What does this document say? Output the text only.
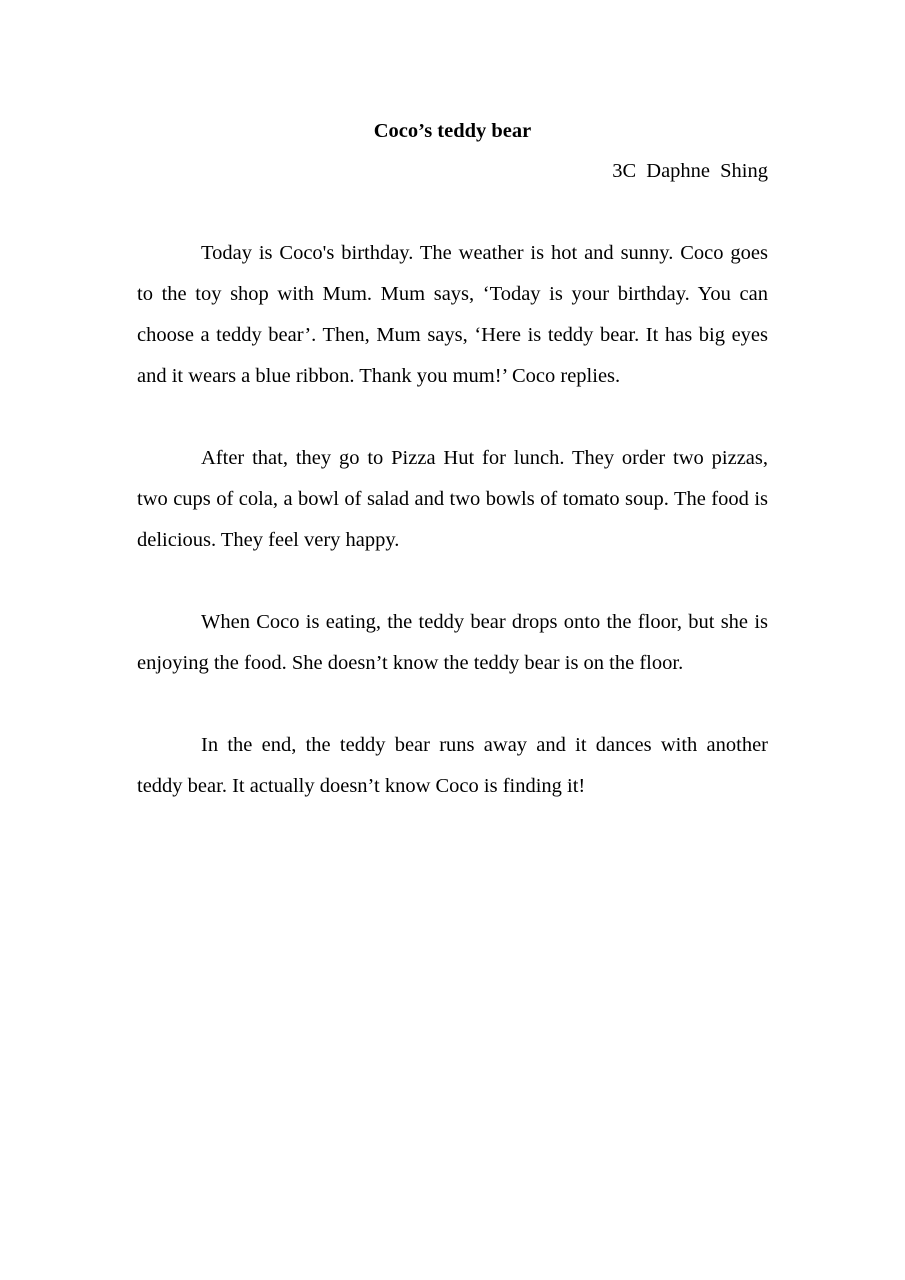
Coco’s teddy bear
3C Daphne Shing

Today is Coco's birthday. The weather is hot and sunny. Coco goes to the toy shop with Mum. Mum says, ‘Today is your birthday. You can choose a teddy bear’. Then, Mum says, ‘Here is teddy bear. It has big eyes and it wears a blue ribbon. Thank you mum!’ Coco replies.

After that, they go to Pizza Hut for lunch. They order two pizzas, two cups of cola, a bowl of salad and two bowls of tomato soup. The food is delicious. They feel very happy.

When Coco is eating, the teddy bear drops onto the floor, but she is enjoying the food. She doesn’t know the teddy bear is on the floor.

In the end, the teddy bear runs away and it dances with another teddy bear. It actually doesn’t know Coco is finding it!
